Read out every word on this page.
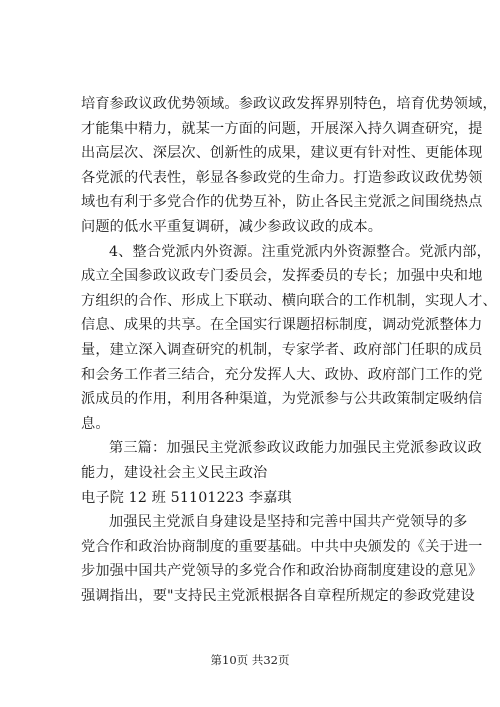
培育参政议政优势领域。参政议政发挥界别特色，培育优势领域，
才能集中精力，就某一方面的问题，开展深入持久调查研究，提
出高层次、深层次、创新性的成果，建议更有针对性、更能体现
各党派的代表性，彰显各参政党的生命力。打造参政议政优势领
域也有利于多党合作的优势互补，防止各民主党派之间围绕热点
问题的低水平重复调研，减少参政议政的成本。
4、整合党派内外资源。注重党派内外资源整合。党派内部，
成立全国参政议政专门委员会，发挥委员的专长；加强中央和地
方组织的合作、形成上下联动、横向联合的工作机制，实现人才、
信息、成果的共享。在全国实行课题招标制度，调动党派整体力
量，建立深入调查研究的机制，专家学者、政府部门任职的成员
和会务工作者三结合，充分发挥人大、政协、政府部门工作的党
派成员的作用，利用各种渠道，为党派参与公共政策制定吸纳信
息。
第三篇：加强民主党派参政议政能力加强民主党派参政议政
能力，建设社会主义民主政治
电子院 12 班 51101223 李嘉琪
加强民主党派自身建设是坚持和完善中国共产党领导的多
党合作和政治协商制度的重要基础。中共中央颁发的《关于进一
步加强中国共产党领导的多党合作和政治协商制度建设的意见》
强调指出，要"支持民主党派根据各自章程所规定的参政党建设
第10页 共32页
